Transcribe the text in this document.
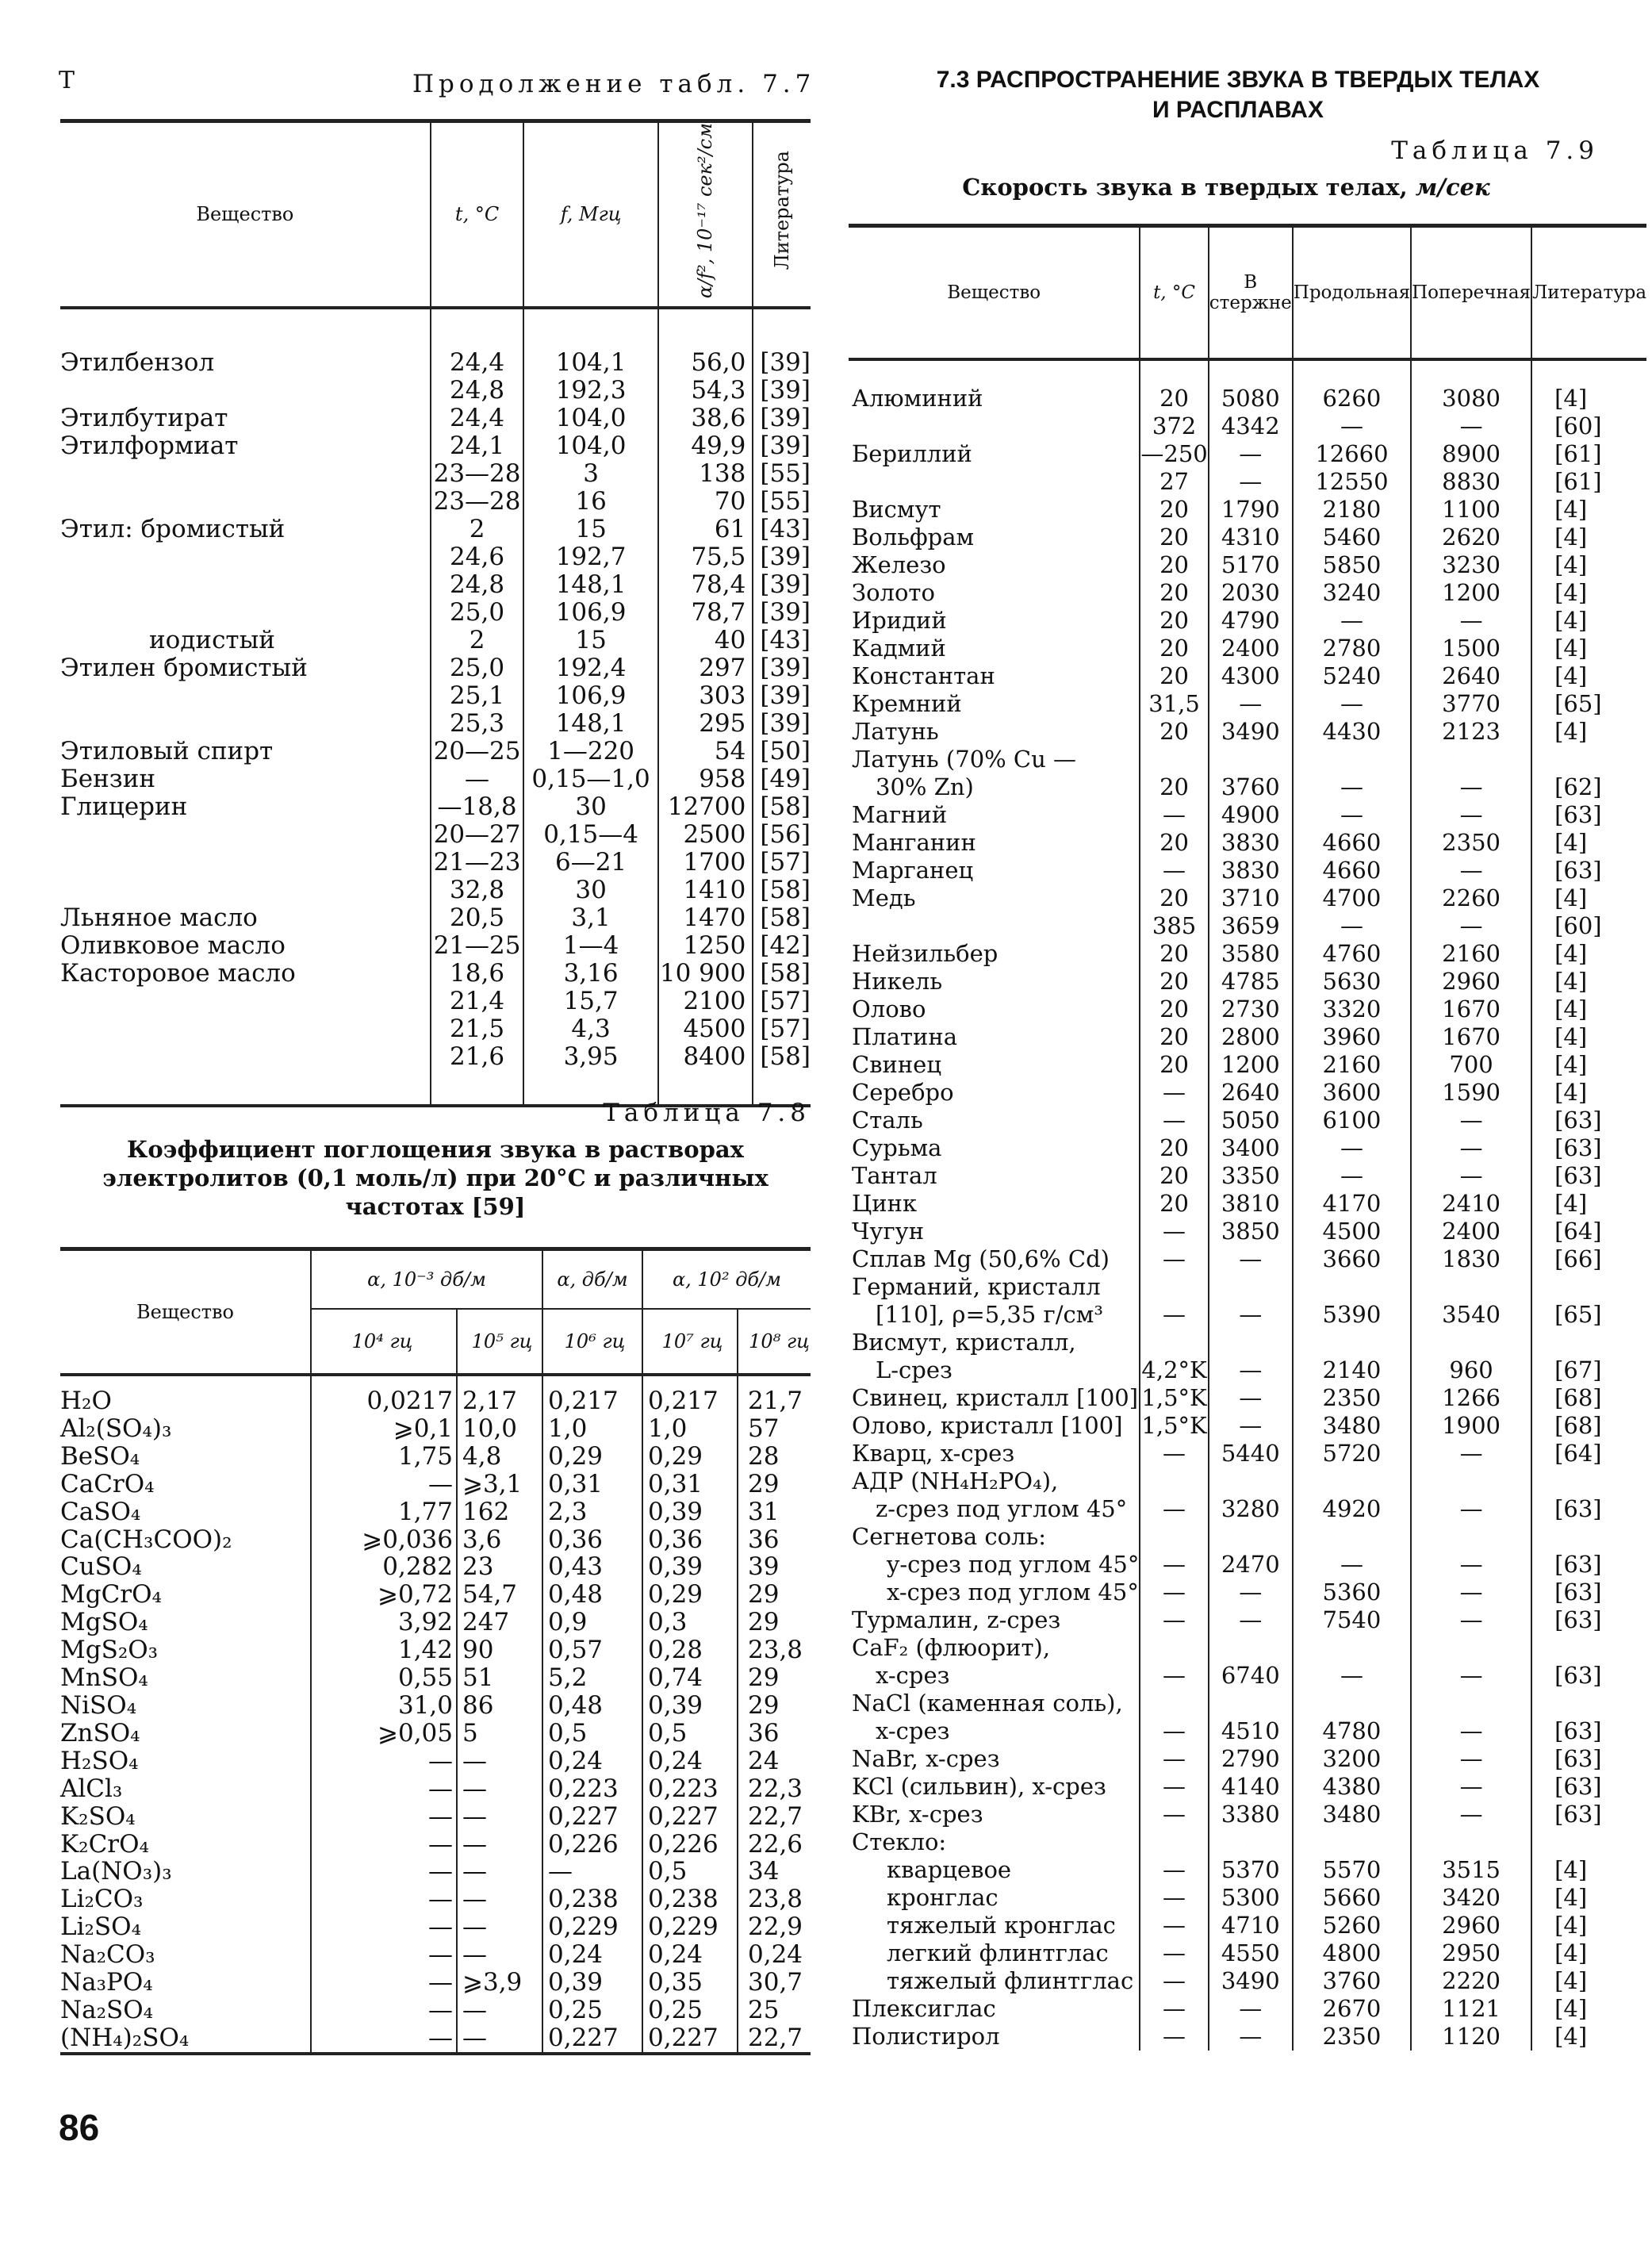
Τ	Продолжение табл. 7.7
Вещество	t, °C	f, Мгц	α/f², 10⁻¹⁷ сек²/см	Литература
Этилбензол	24,4	104,1	56,0	[39]
	24,8	192,3	54,3	[39]
Этилбутират	24,4	104,0	38,6	[39]
Этилформиат	24,1	104,0	49,9	[39]
	23—28	3	138	[55]
	23—28	16	70	[55]
Этил: бромистый	2	15	61	[43]
	24,6	192,7	75,5	[39]
	24,8	148,1	78,4	[39]
	25,0	106,9	78,7	[39]
иодистый	2	15	40	[43]
Этилен бромистый	25,0	192,4	297	[39]
	25,1	106,9	303	[39]
	25,3	148,1	295	[39]
Этиловый спирт	20—25	1—220	54	[50]
Бензин	—	0,15—1,0	958	[49]
Глицерин	—18,8	30	12700	[58]
	20—27	0,15—4	2500	[56]
	21—23	6—21	1700	[57]
	32,8	30	1410	[58]
Льняное масло	20,5	3,1	1470	[58]
Оливковое масло	21—25	1—4	1250	[42]
Касторовое масло	18,6	3,16	10 900	[58]
	21,4	15,7	2100	[57]
	21,5	4,3	4500	[57]
	21,6	3,95	8400	[58]
Таблица 7.8
Коэффициент поглощения звука в растворах
электролитов (0,1 моль/л) при 20°С и различных
частотах [59]
Вещество	α, 10⁻³ дб/м		α, дб/м	α, 10² дб/м	
	10⁴ гц	10⁵ гц	10⁶ гц	10⁷ гц	10⁸ гц
H₂O	0,0217	2,17	0,217	0,217	21,7
Al₂(SO₄)₃	⩾0,1	10,0	1,0	1,0	57
BeSO₄	1,75	4,8	0,29	0,29	28
CaCrO₄	—	⩾3,1	0,31	0,31	29
CaSO₄	1,77	162	2,3	0,39	31
Ca(CH₃COO)₂	⩾0,036	3,6	0,36	0,36	36
CuSO₄	0,282	23	0,43	0,39	39
MgCrO₄	⩾0,72	54,7	0,48	0,29	29
MgSO₄	3,92	247	0,9	0,3	29
MgS₂O₃	1,42	90	0,57	0,28	23,8
MnSO₄	0,55	51	5,2	0,74	29
NiSO₄	31,0	86	0,48	0,39	29
ZnSO₄	⩾0,05	5	0,5	0,5	36
H₂SO₄	—	—	0,24	0,24	24
AlCl₃	—	—	0,223	0,223	22,3
K₂SO₄	—	—	0,227	0,227	22,7
K₂CrO₄	—	—	0,226	0,226	22,6
La(NO₃)₃	—	—	—	0,5	34
Li₂CO₃	—	—	0,238	0,238	23,8
Li₂SO₄	—	—	0,229	0,229	22,9
Na₂CO₃	—	—	0,24	0,24	0,24
Na₃PO₄	—	⩾3,9	0,39	0,35	30,7
Na₂SO₄	—	—	0,25	0,25	25
(NH₄)₂SO₄	—	—	0,227	0,227	22,7
7.3 РАСПРОСТРАНЕНИЕ ЗВУКА В ТВЕРДЫХ ТЕЛАХ
И РАСПЛАВАХ
Таблица 7.9
Скорость звука в твердых телах, м/сек
Вещество	t, °C	В стержне	Продольная	Поперечная	Литература
Алюминий	20	5080	6260	3080	[4]
	372	4342	—	—	[60]
Бериллий	—250	—	12660	8900	[61]
	27	—	12550	8830	[61]
Висмут	20	1790	2180	1100	[4]
Вольфрам	20	4310	5460	2620	[4]
Железо	20	5170	5850	3230	[4]
Золото	20	2030	3240	1200	[4]
Иридий	20	4790	—	—	[4]
Кадмий	20	2400	2780	1500	[4]
Константан	20	4300	5240	2640	[4]
Кремний	31,5	—	—	3770	[65]
Латунь	20	3490	4430	2123	[4]
Латунь (70% Cu —					
30% Zn)	20	3760	—	—	[62]
Магний	—	4900	—	—	[63]
Манганин	20	3830	4660	2350	[4]
Марганец	—	3830	4660	—	[63]
Медь	20	3710	4700	2260	[4]
	385	3659	—	—	[60]
Нейзильбер	20	3580	4760	2160	[4]
Никель	20	4785	5630	2960	[4]
Олово	20	2730	3320	1670	[4]
Платина	20	2800	3960	1670	[4]
Свинец	20	1200	2160	700	[4]
Серебро	—	2640	3600	1590	[4]
Сталь	—	5050	6100	—	[63]
Сурьма	20	3400	—	—	[63]
Тантал	20	3350	—	—	[63]
Цинк	20	3810	4170	2410	[4]
Чугун	—	3850	4500	2400	[64]
Сплав Mg (50,6% Cd)	—	—	3660	1830	[66]
Германий, кристалл					
[110], ρ=5,35 г/см³	—	—	5390	3540	[65]
Висмут, кристалл,					
L-срез	4,2°K	—	2140	960	[67]
Свинец, кристалл [100]	1,5°K	—	2350	1266	[68]
Олово, кристалл [100]	1,5°K	—	3480	1900	[68]
Кварц, x-срез	—	5440	5720	—	[64]
АДР (NH₄H₂PO₄),					
z-срез под углом 45°	—	3280	4920	—	[63]
Сегнетова соль:					
y-срез под углом 45°	—	2470	—	—	[63]
x-срез под углом 45°	—	—	5360	—	[63]
Турмалин, z-срез	—	—	7540	—	[63]
CaF₂ (флюорит),					
x-срез	—	6740	—	—	[63]
NaCl (каменная соль),					
x-срез	—	4510	4780	—	[63]
NaBr, x-срез	—	2790	3200	—	[63]
KCl (сильвин), x-срез	—	4140	4380	—	[63]
KBr, x-срез	—	3380	3480	—	[63]
Стекло:					
кварцевое	—	5370	5570	3515	[4]
кронглас	—	5300	5660	3420	[4]
тяжелый кронглас	—	4710	5260	2960	[4]
легкий флинтглас	—	4550	4800	2950	[4]
тяжелый флинтглас	—	3490	3760	2220	[4]
Плексиглас	—	—	2670	1121	[4]
Полистирол	—	—	2350	1120	[4]
86
